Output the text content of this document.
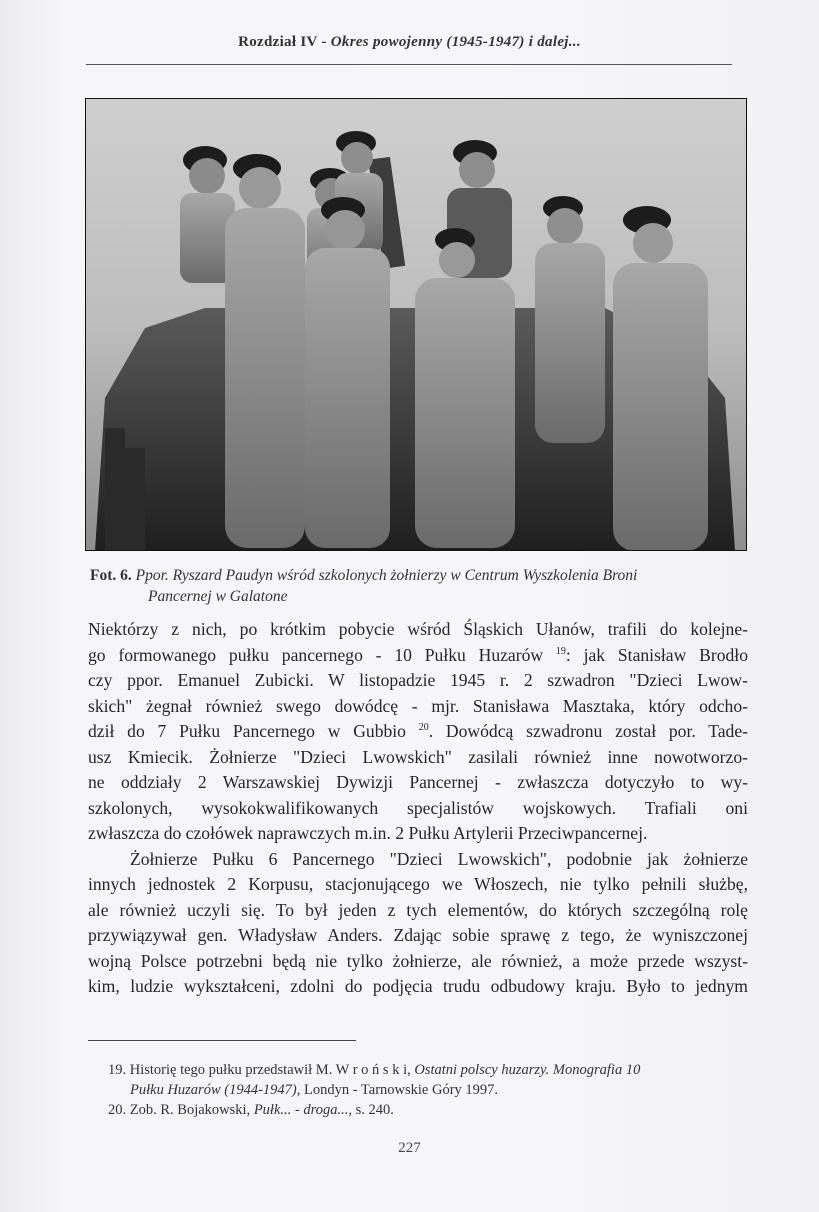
Rozdział IV - Okres powojenny (1945-1947) i dalej...
Fot. 6. Ppor. Ryszard Paudyn wśród szkolonych żołnierzy w Centrum Wyszkolenia Broni
Pancernej w Galatone
Niektórzy z nich, po krótkim pobycie wśród Śląskich Ułanów, trafili do kolejne-
go formowanego pułku pancernego - 10 Pułku Huzarów $^{19}$: jak Stanisław Brodło
czy ppor. Emanuel Zubicki. W listopadzie 1945 r. 2 szwadron "Dzieci Lwow-
skich" żegnał również swego dowódcę - mjr. Stanisława Masztaka, który odcho-
dził do 7 Pułku Pancernego w Gubbio $^{20}$. Dowódcą szwadronu został por. Tade-
usz Kmiecik. Żołnierze "Dzieci Lwowskich" zasilali również inne nowotworzo-
ne oddziały 2 Warszawskiej Dywizji Pancernej - zwłaszcza dotyczyło to wy-
szkolonych, wysokokwalifikowanych specjalistów wojskowych. Trafiali oni
zwłaszcza do czołówek naprawczych m.in. 2 Pułku Artylerii Przeciwpancernej.
Żołnierze Pułku 6 Pancernego "Dzieci Lwowskich", podobnie jak żołnierze
innych jednostek 2 Korpusu, stacjonującego we Włoszech, nie tylko pełnili służbę,
ale również uczyli się. To był jeden z tych elementów, do których szczególną rolę
przywiązywał gen. Władysław Anders. Zdając sobie sprawę z tego, że wyniszczonej
wojną Polsce potrzebni będą nie tylko żołnierze, ale również, a może przede wszyst-
kim, ludzie wykształceni, zdolni do podjęcia trudu odbudowy kraju. Było to jednym
19. Historię tego pułku przedstawił M. W r o ń s k i, Ostatni polscy huzarzy. Monografia 10
Pułku Huzarów (1944-1947), Londyn - Tarnowskie Góry 1997.
20. Zob. R. Bojakowski, Pułk... - droga..., s. 240.
227
